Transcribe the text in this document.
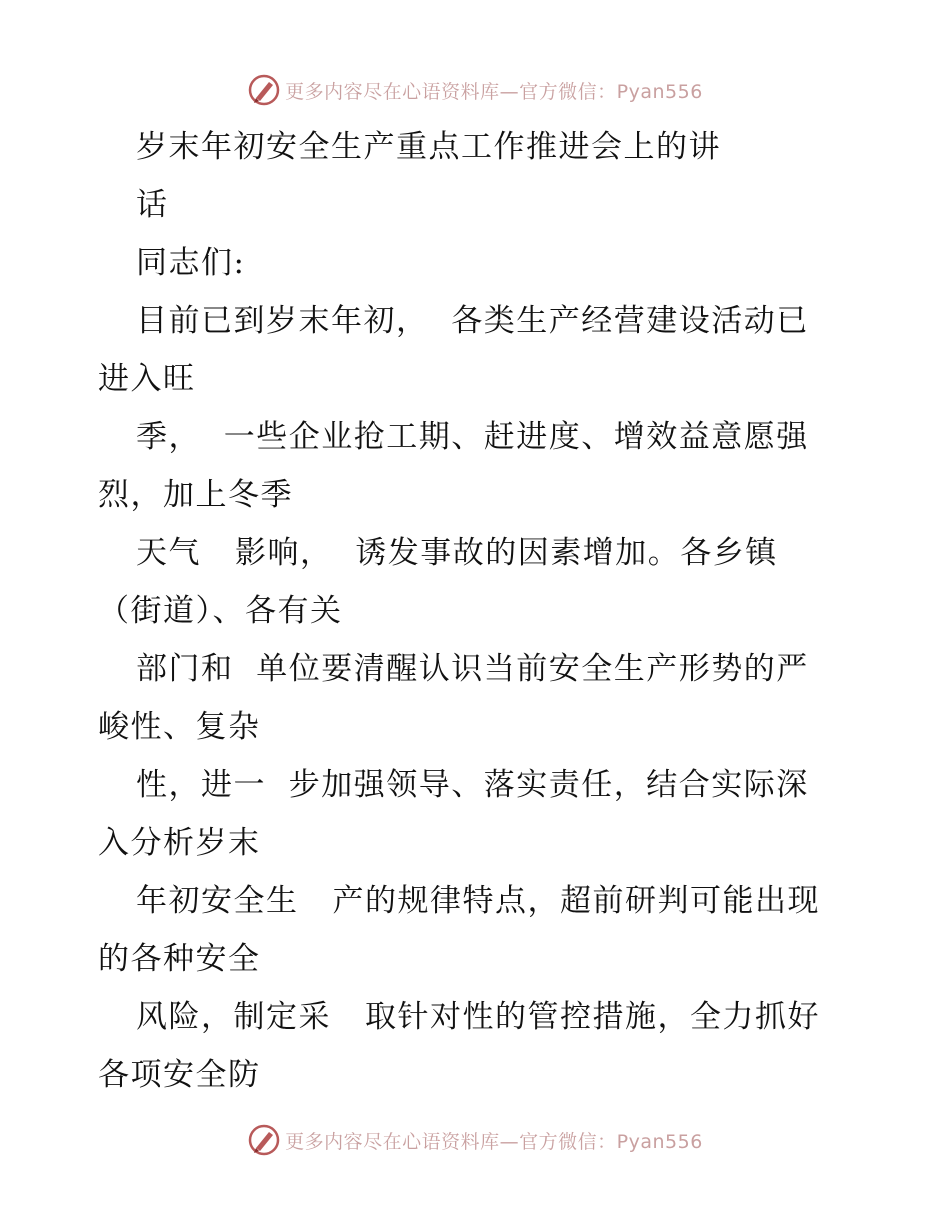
更多内容尽在心语资料库—官方微信：Pyan556
岁末年初安全生产重点工作推进会上的讲
话
同志们:
目前已到岁末年初，  各类生产经营建设活动已
进入旺
季，  一些企业抢工期、赶进度、增效益意愿强
烈，加上冬季
天气   影响，  诱发事故的因素增加。各乡镇
（街道）、各有关
部门和  单位要清醒认识当前安全生产形势的严
峻性、复杂
性，进一  步加强领导、落实责任，结合实际深
入分析岁末
年初安全生   产的规律特点，超前研判可能出现
的各种安全
风险，制定采   取针对性的管控措施，全力抓好
各项安全防
更多内容尽在心语资料库—官方微信：Pyan556
